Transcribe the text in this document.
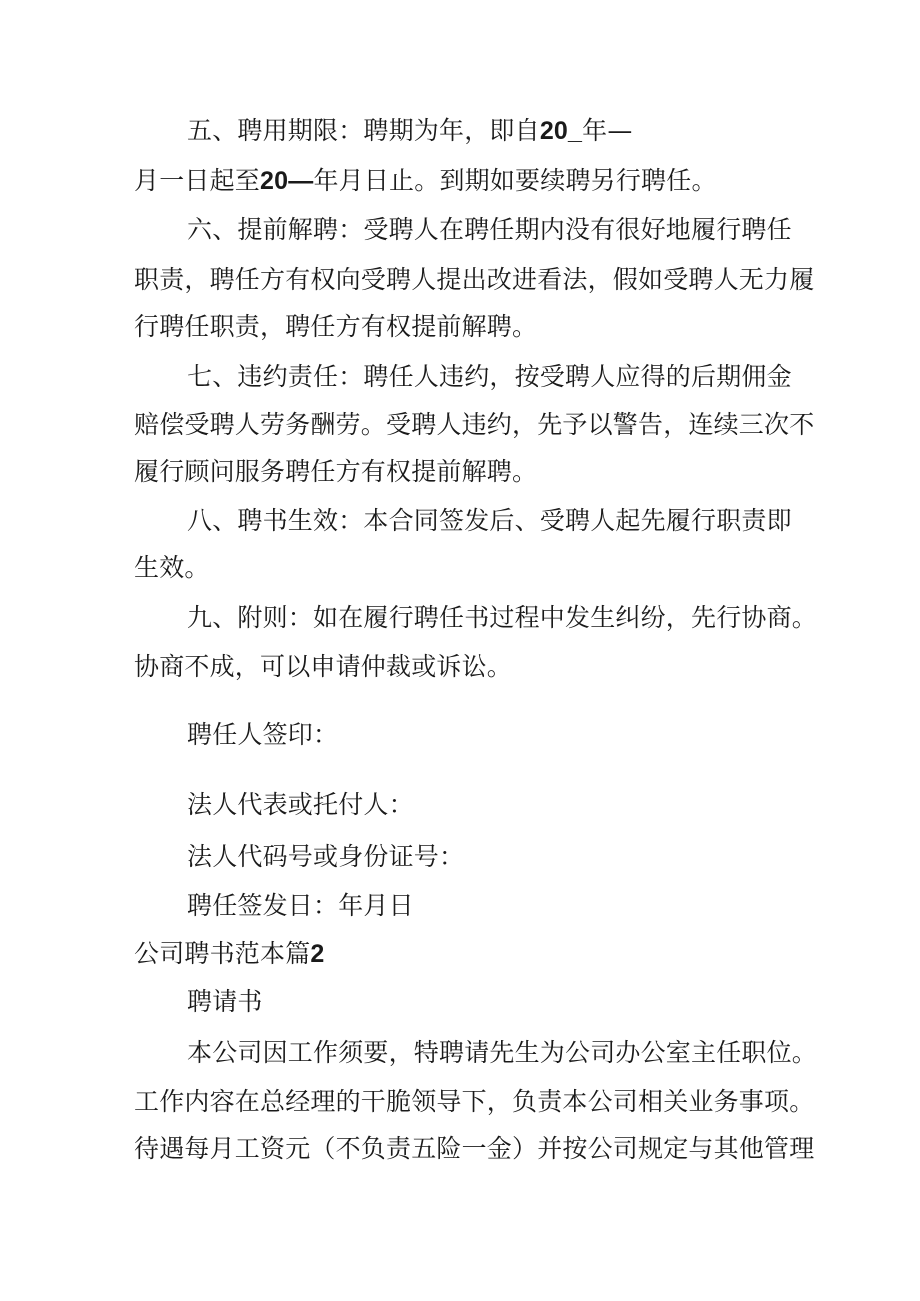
五、聘用期限：聘期为年，即自20_年—
月一日起至20—年月日止。到期如要续聘另行聘任。
六、提前解聘：受聘人在聘任期内没有很好地履行聘任
职责，聘任方有权向受聘人提出改进看法，假如受聘人无力履
行聘任职责，聘任方有权提前解聘。
七、违约责任：聘任人违约，按受聘人应得的后期佣金
赔偿受聘人劳务酬劳。受聘人违约，先予以警告，连续三次不
履行顾问服务聘任方有权提前解聘。
八、聘书生效：本合同签发后、受聘人起先履行职责即
生效。
九、附则：如在履行聘任书过程中发生纠纷，先行协商。
协商不成，可以申请仲裁或诉讼。
聘任人签印：
法人代表或托付人：
法人代码号或身份证号：
聘任签发日：年月日
公司聘书范本篇2
聘请书
本公司因工作须要，特聘请先生为公司办公室主任职位。
工作内容在总经理的干脆领导下，负责本公司相关业务事项。
待遇每月工资元（不负责五险一金）并按公司规定与其他管理
